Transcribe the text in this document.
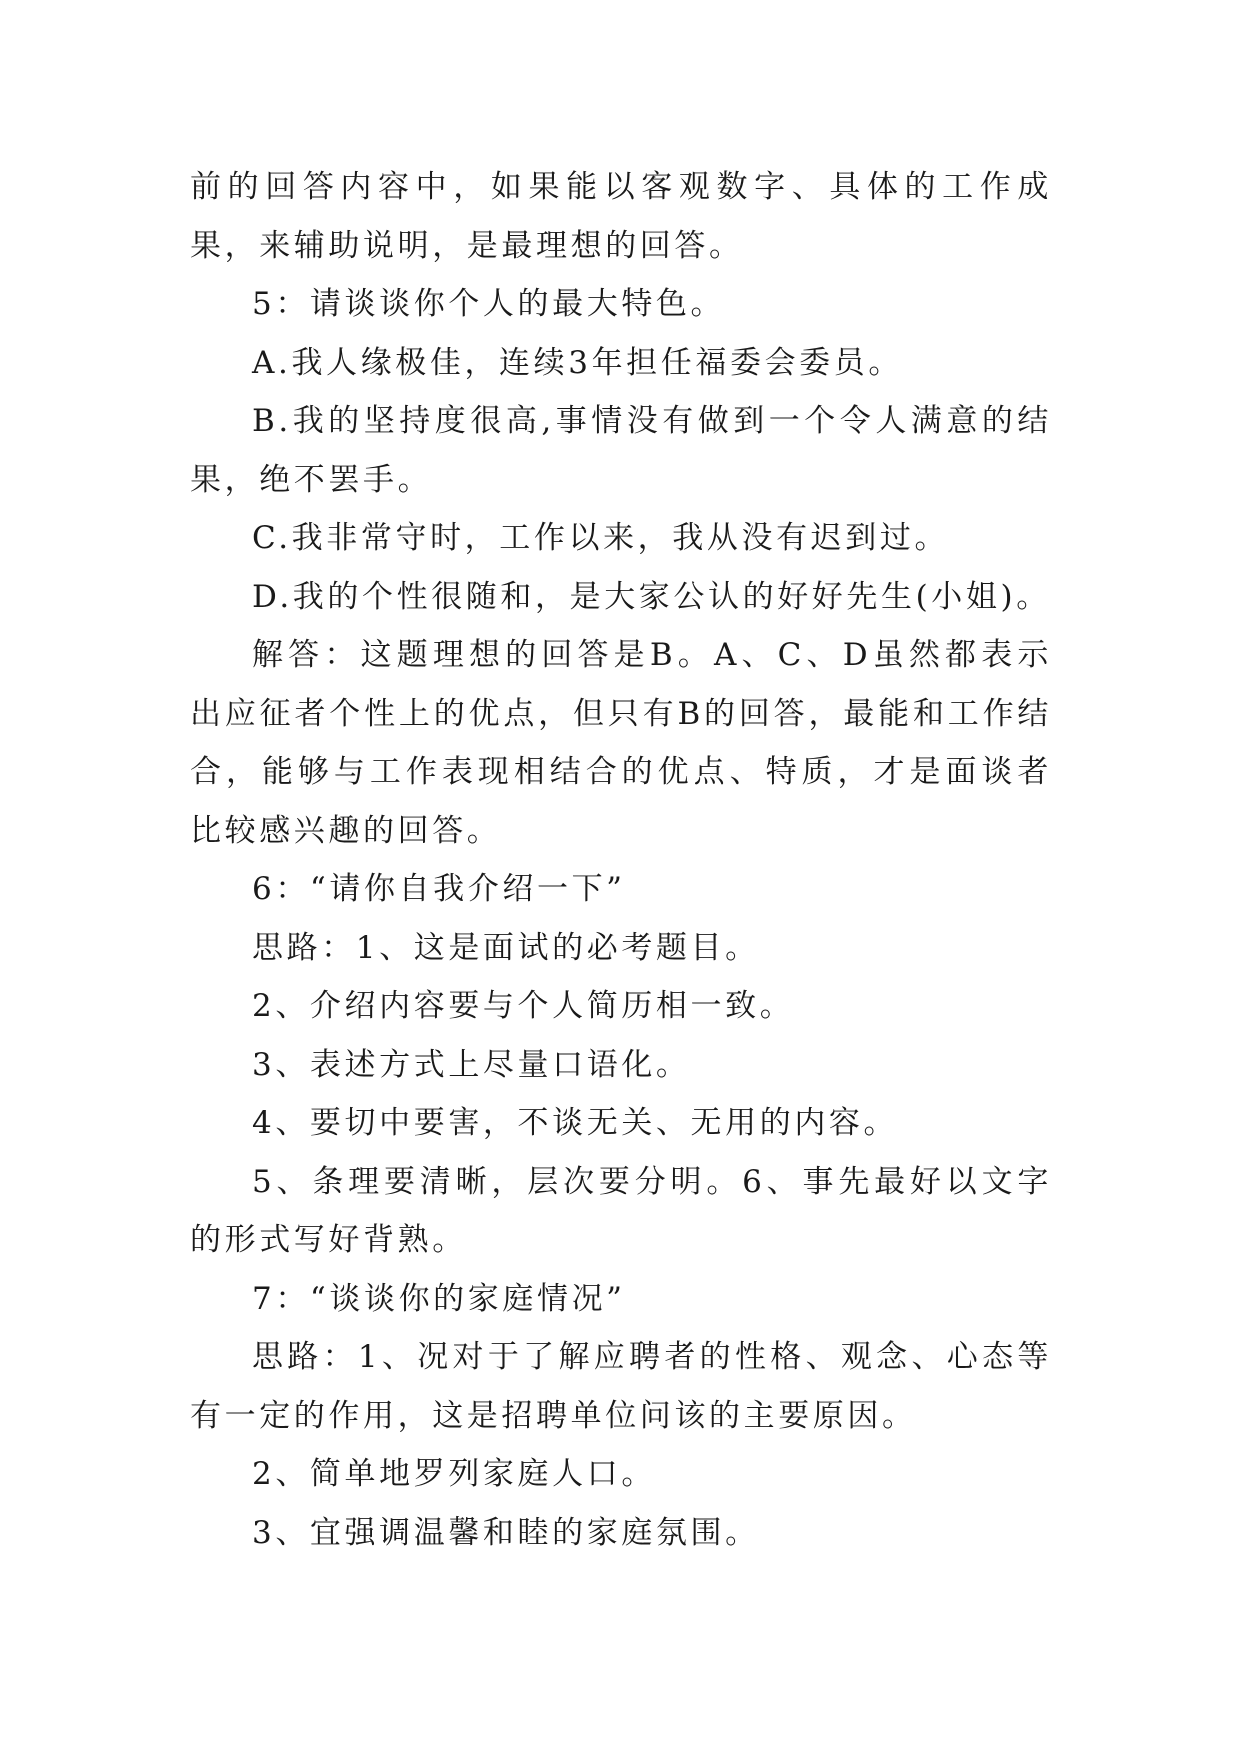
前的回答内容中，如果能以客观数字、具体的工作成果，来辅助说明，是最理想的回答。

5：请谈谈你个人的最大特色。

A.我人缘极佳，连续3年担任福委会委员。

B.我的坚持度很高,事情没有做到一个令人满意的结果，绝不罢手。

C.我非常守时，工作以来，我从没有迟到过。

D.我的个性很随和，是大家公认的好好先生(小姐)。

解答：这题理想的回答是B。A、C、D虽然都表示出应征者个性上的优点，但只有B的回答，最能和工作结合，能够与工作表现相结合的优点、特质，才是面谈者比较感兴趣的回答。

6：“请你自我介绍一下”

思路：1、这是面试的必考题目。

2、介绍内容要与个人简历相一致。

3、表述方式上尽量口语化。

4、要切中要害，不谈无关、无用的内容。

5、条理要清晰，层次要分明。6、事先最好以文字的形式写好背熟。

7：“谈谈你的家庭情况”

思路：1、况对于了解应聘者的性格、观念、心态等有一定的作用，这是招聘单位问该的主要原因。

2、简单地罗列家庭人口。

3、宜强调温馨和睦的家庭氛围。
